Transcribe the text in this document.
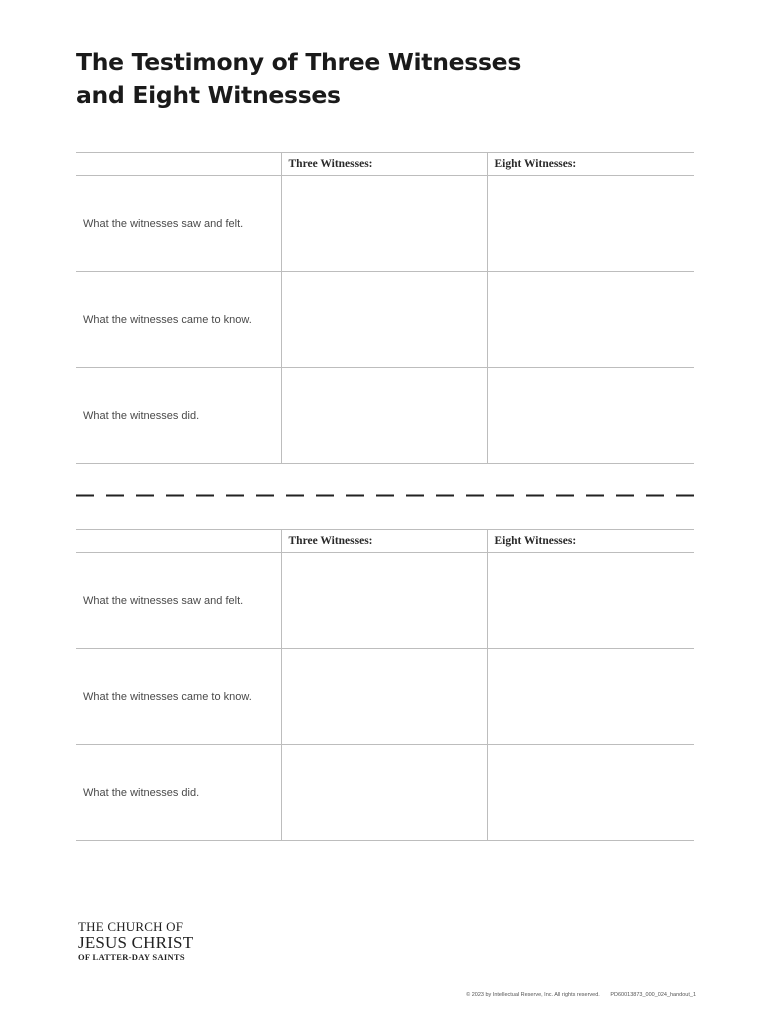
The Testimony of Three Witnesses
and Eight Witnesses
	Three Witnesses:	Eight Witnesses:
What the witnesses saw and felt.		
What the witnesses came to know.		
What the witnesses did.		
	Three Witnesses:	Eight Witnesses:
What the witnesses saw and felt.		
What the witnesses came to know.		
What the witnesses did.		
THE CHURCH OF
JESUS CHRIST
OF LATTER-DAY SAINTS
© 2023 by Intellectual Reserve, Inc. All rights reserved. PD60013873_000_024_handout_1
